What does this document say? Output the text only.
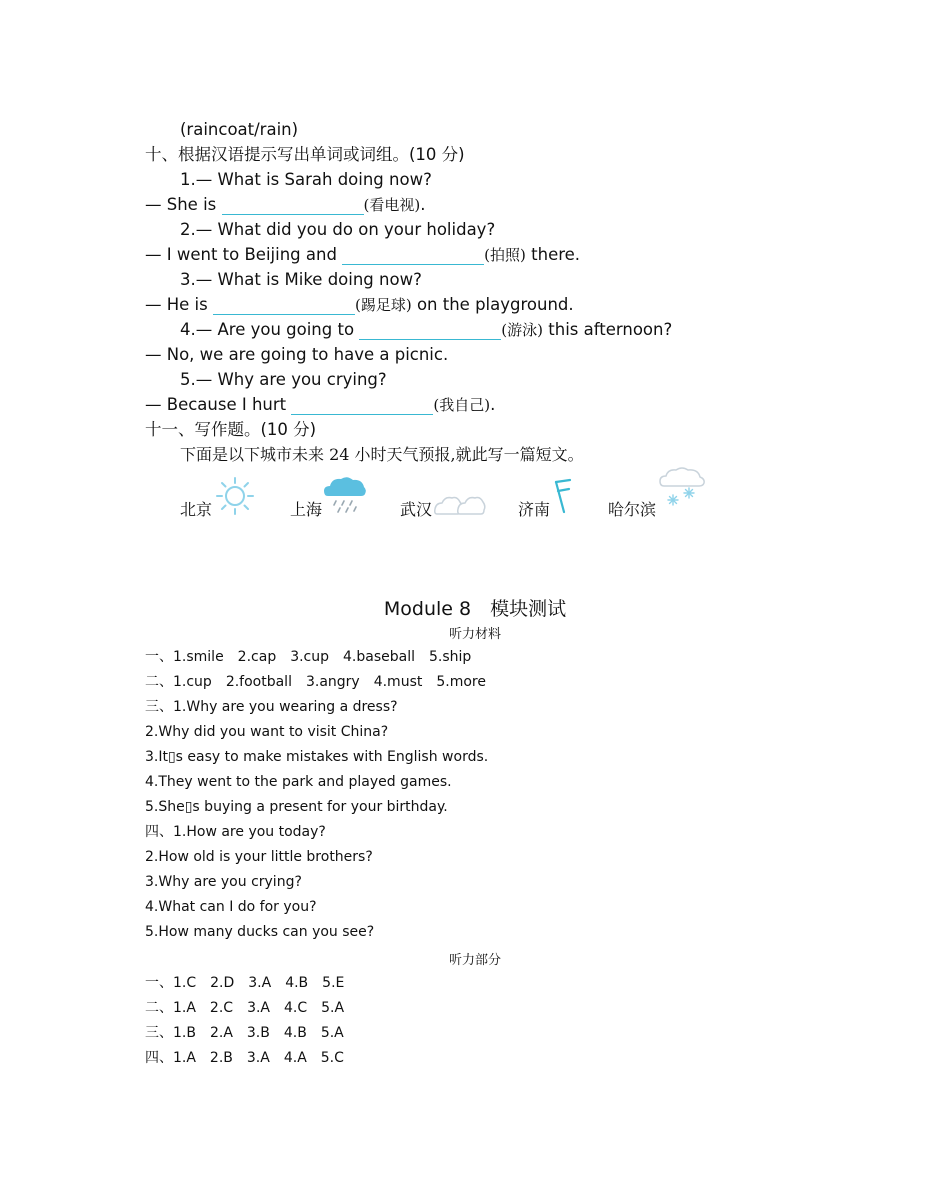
(raincoat/rain)
十、根据汉语提示写出单词或词组。(10 分)
1.— What is Sarah doing now?
— She is	(看电视).
2.— What did you do on your holiday?
— I went to Beijing and	(拍照) there.
3.— What is Mike doing now?
— He is	(踢足球) on the playground.
4.— Are you going to	(游泳) this afternoon?
— No, we are going to have a picnic.
5.— Why are you crying?
— Because I hurt	(我自己).
十一、写作题。(10 分)
下面是以下城市未来 24 小时天气预报,就此写一篇短文。
北京	上海	武汉	济南	哈尔滨
Module 8　模块测试
听力材料
一、1.smile　2.cap　3.cup　4.baseball　5.ship
二、1.cup　2.football　3.angry　4.must　5.more
三、1.Why are you wearing a dress?
2.Why did you want to visit China?
3.It▯s easy to make mistakes with English words.
4.They went to the park and played games.
5.She▯s buying a present for your birthday.
四、1.How are you today?
2.How old is your little brothers?
3.Why are you crying?
4.What can I do for you?
5.How many ducks can you see?
听力部分
一、1.C　2.D　3.A　4.B　5.E
二、1.A　2.C　3.A　4.C　5.A
三、1.B　2.A　3.B　4.B　5.A
四、1.A　2.B　3.A　4.A　5.C
